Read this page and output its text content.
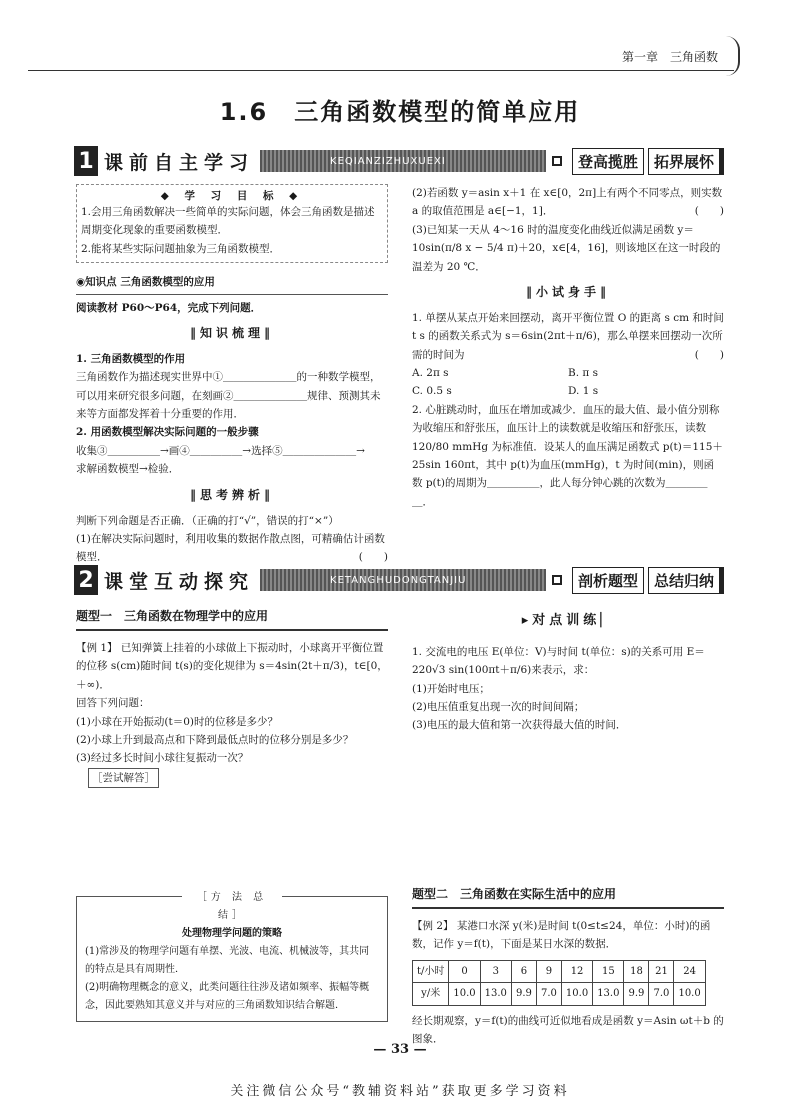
第一章　三角函数
1.6　三角函数模型的简单应用
1 课前自主学习	KEQIANZIZHUXUEXI	登高揽胜	拓界展怀
◆ 学 习 目 标 ◆

1.会用三角函数解决一些简单的实际问题，体会三角函数是描述周期变化现象的重要函数模型．

2.能将某些实际问题抽象为三角函数模型．

◉知识点 三角函数模型的应用

阅读教材 P60～P64，完成下列问题．

‖知识梳理‖

1. 三角函数模型的作用

三角函数作为描述现实世界中①＿＿＿＿＿＿＿的一种数学模型，可以用来研究很多问题，在刻画②＿＿＿＿＿＿＿规律、预测其未来等方面都发挥着十分重要的作用．

2. 用函数模型解决实际问题的一般步骤

收集③＿＿＿＿＿→画④＿＿＿＿＿→选择⑤＿＿＿＿＿＿＿→

求解函数模型→检验．

‖思考辨析‖

判断下列命题是否正确．（正确的打“√”，错误的打“×”）

(1)在解决实际问题时，利用收集的数据作散点图，可精确估计函数模型．	(　　)

(2)若函数 y＝asin x＋1 在 x∈[0，2π]上有两个不同零点，则实数 a 的取值范围是 a∈[−1，1]．	(　　)

(3)已知某一天从 4～16 时的温度变化曲线近似满足函数 y＝10sin(π/8 x − 5/4 π)＋20，x∈[4，16]，则该地区在这一时段的温差为 20 ℃．

‖小试身手‖

1. 单摆从某点开始来回摆动，离开平衡位置 O 的距离 s cm 和时间 t s 的函数关系式为 s＝6sin(2πt＋π/6)，那么单摆来回摆动一次所需的时间为	(　　)

A. 2π s	B. π s
C. 0.5 s	D. 1 s

2. 心脏跳动时，血压在增加或减少．血压的最大值、最小值分别称为收缩压和舒张压，血压计上的读数就是收缩压和舒张压，读数 120/80 mmHg 为标准值．设某人的血压满足函数式 p(t)＝115＋25sin 160πt，其中 p(t)为血压(mmHg)，t 为时间(min)，则函数 p(t)的周期为＿＿＿＿＿，此人每分钟心跳的次数为＿＿＿＿＿．

2 课堂互动探究	KETANGHUDONGTANJIU	剖析题型	总结归纳
题型一　三角函数在物理学中的应用

【例 1】 已知弹簧上挂着的小球做上下振动时，小球离开平衡位置的位移 s(cm)随时间 t(s)的变化规律为 s＝4sin(2t＋π/3)，t∈[0，＋∞)．

回答下列问题：

(1)小球在开始振动(t＝0)时的位移是多少？

(2)小球上升到最高点和下降到最低点时的位移分别是多少？

(3)经过多长时间小球往复振动一次？

［尝试解答］

［方 法 总 结］
处理物理学问题的策略

(1)常涉及的物理学问题有单摆、光波、电流、机械波等，其共同的特点是具有周期性．

(2)明确物理概念的意义，此类问题往往涉及诸如频率、振幅等概念，因此要熟知其意义并与对应的三角函数知识结合解题．

▸对点训练▏

1. 交流电的电压 E(单位：V)与时间 t(单位：s)的关系可用 E＝220√3 sin(100πt＋π/6)来表示，求：

(1)开始时电压；

(2)电压值重复出现一次的时间间隔；

(3)电压的最大值和第一次获得最大值的时间．

题型二　三角函数在实际生活中的应用

【例 2】 某港口水深 y(米)是时间 t(0≤t≤24，单位：小时)的函数，记作 y＝f(t)，下面是某日水深的数据．

t/小时	0	3	6	9	12	15	18	21	24
y/米	10.0	13.0	9.9	7.0	10.0	13.0	9.9	7.0	10.0

经长期观察，y＝f(t)的曲线可近似地看成是函数 y＝Asin ωt＋b 的图象．

— 33 —
关注微信公众号“教辅资料站”获取更多学习资料
